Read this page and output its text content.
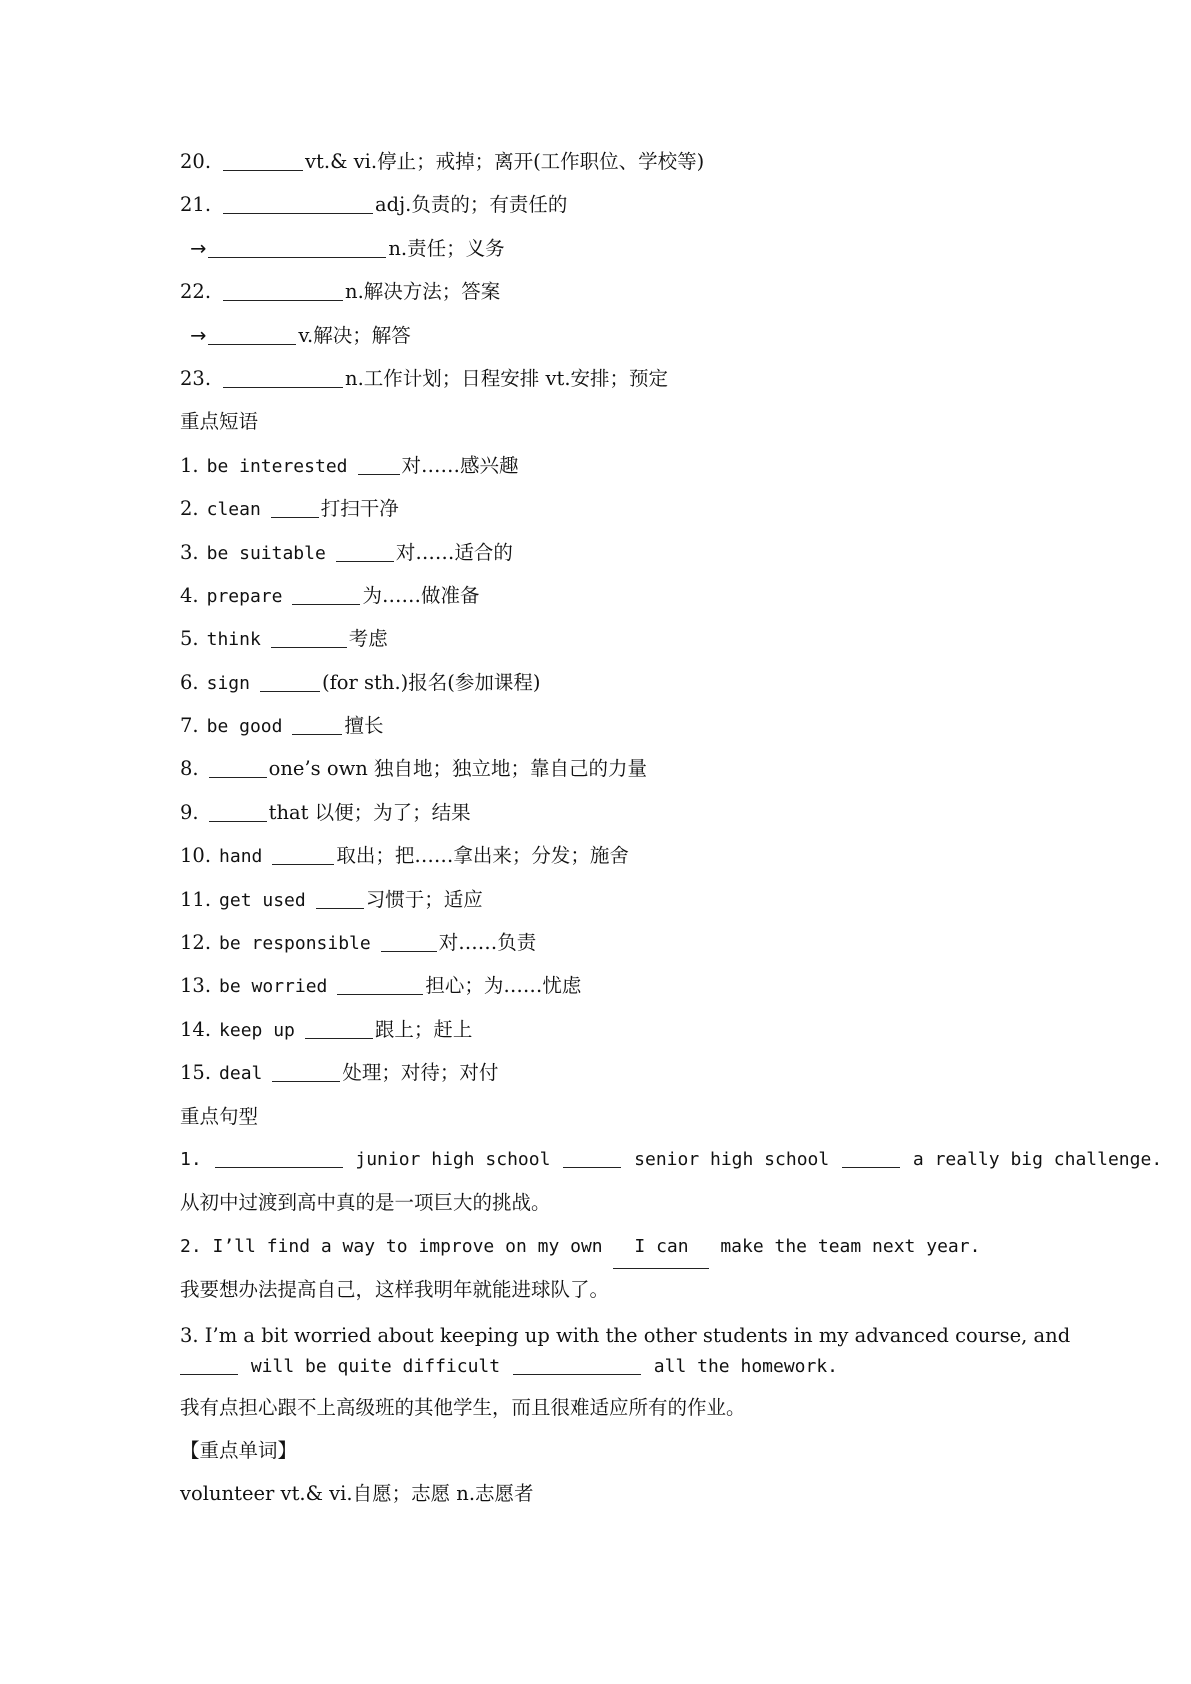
20.	vt.& vi.停止；戒掉；离开(工作职位、学校等)
21.	adj.负责的；有责任的
→	n.责任；义务
22.	n.解决方法；答案
→	v.解决；解答
23.	n.工作计划；日程安排 vt.安排；预定
重点短语
1. be interested	对……感兴趣
2. clean	打扫干净
3. be suitable	对……适合的
4. prepare	为……做准备
5. think	考虑
6. sign	(for sth.)报名(参加课程)
7. be good	擅长
8.	one’s own 独自地；独立地；靠自己的力量
9.	that 以便；为了；结果
10. hand	取出；把……拿出来；分发；施舍
11. get used	习惯于；适应
12. be responsible	对……负责
13. be worried	担心；为……忧虑
14. keep up	跟上；赶上
15. deal	处理；对待；对付
重点句型
1.	junior high school	senior high school	a really big challenge.
从初中过渡到高中真的是一项巨大的挑战。
2. I’ll find a way to improve on my own I can make the team next year.
我要想办法提高自己，这样我明年就能进球队了。
3. I’m a bit worried about keeping up with the other students in my advanced course, and
will be quite difficult	all the homework.
我有点担心跟不上高级班的其他学生，而且很难适应所有的作业。
【重点单词】
volunteer vt.& vi.自愿；志愿 n.志愿者
